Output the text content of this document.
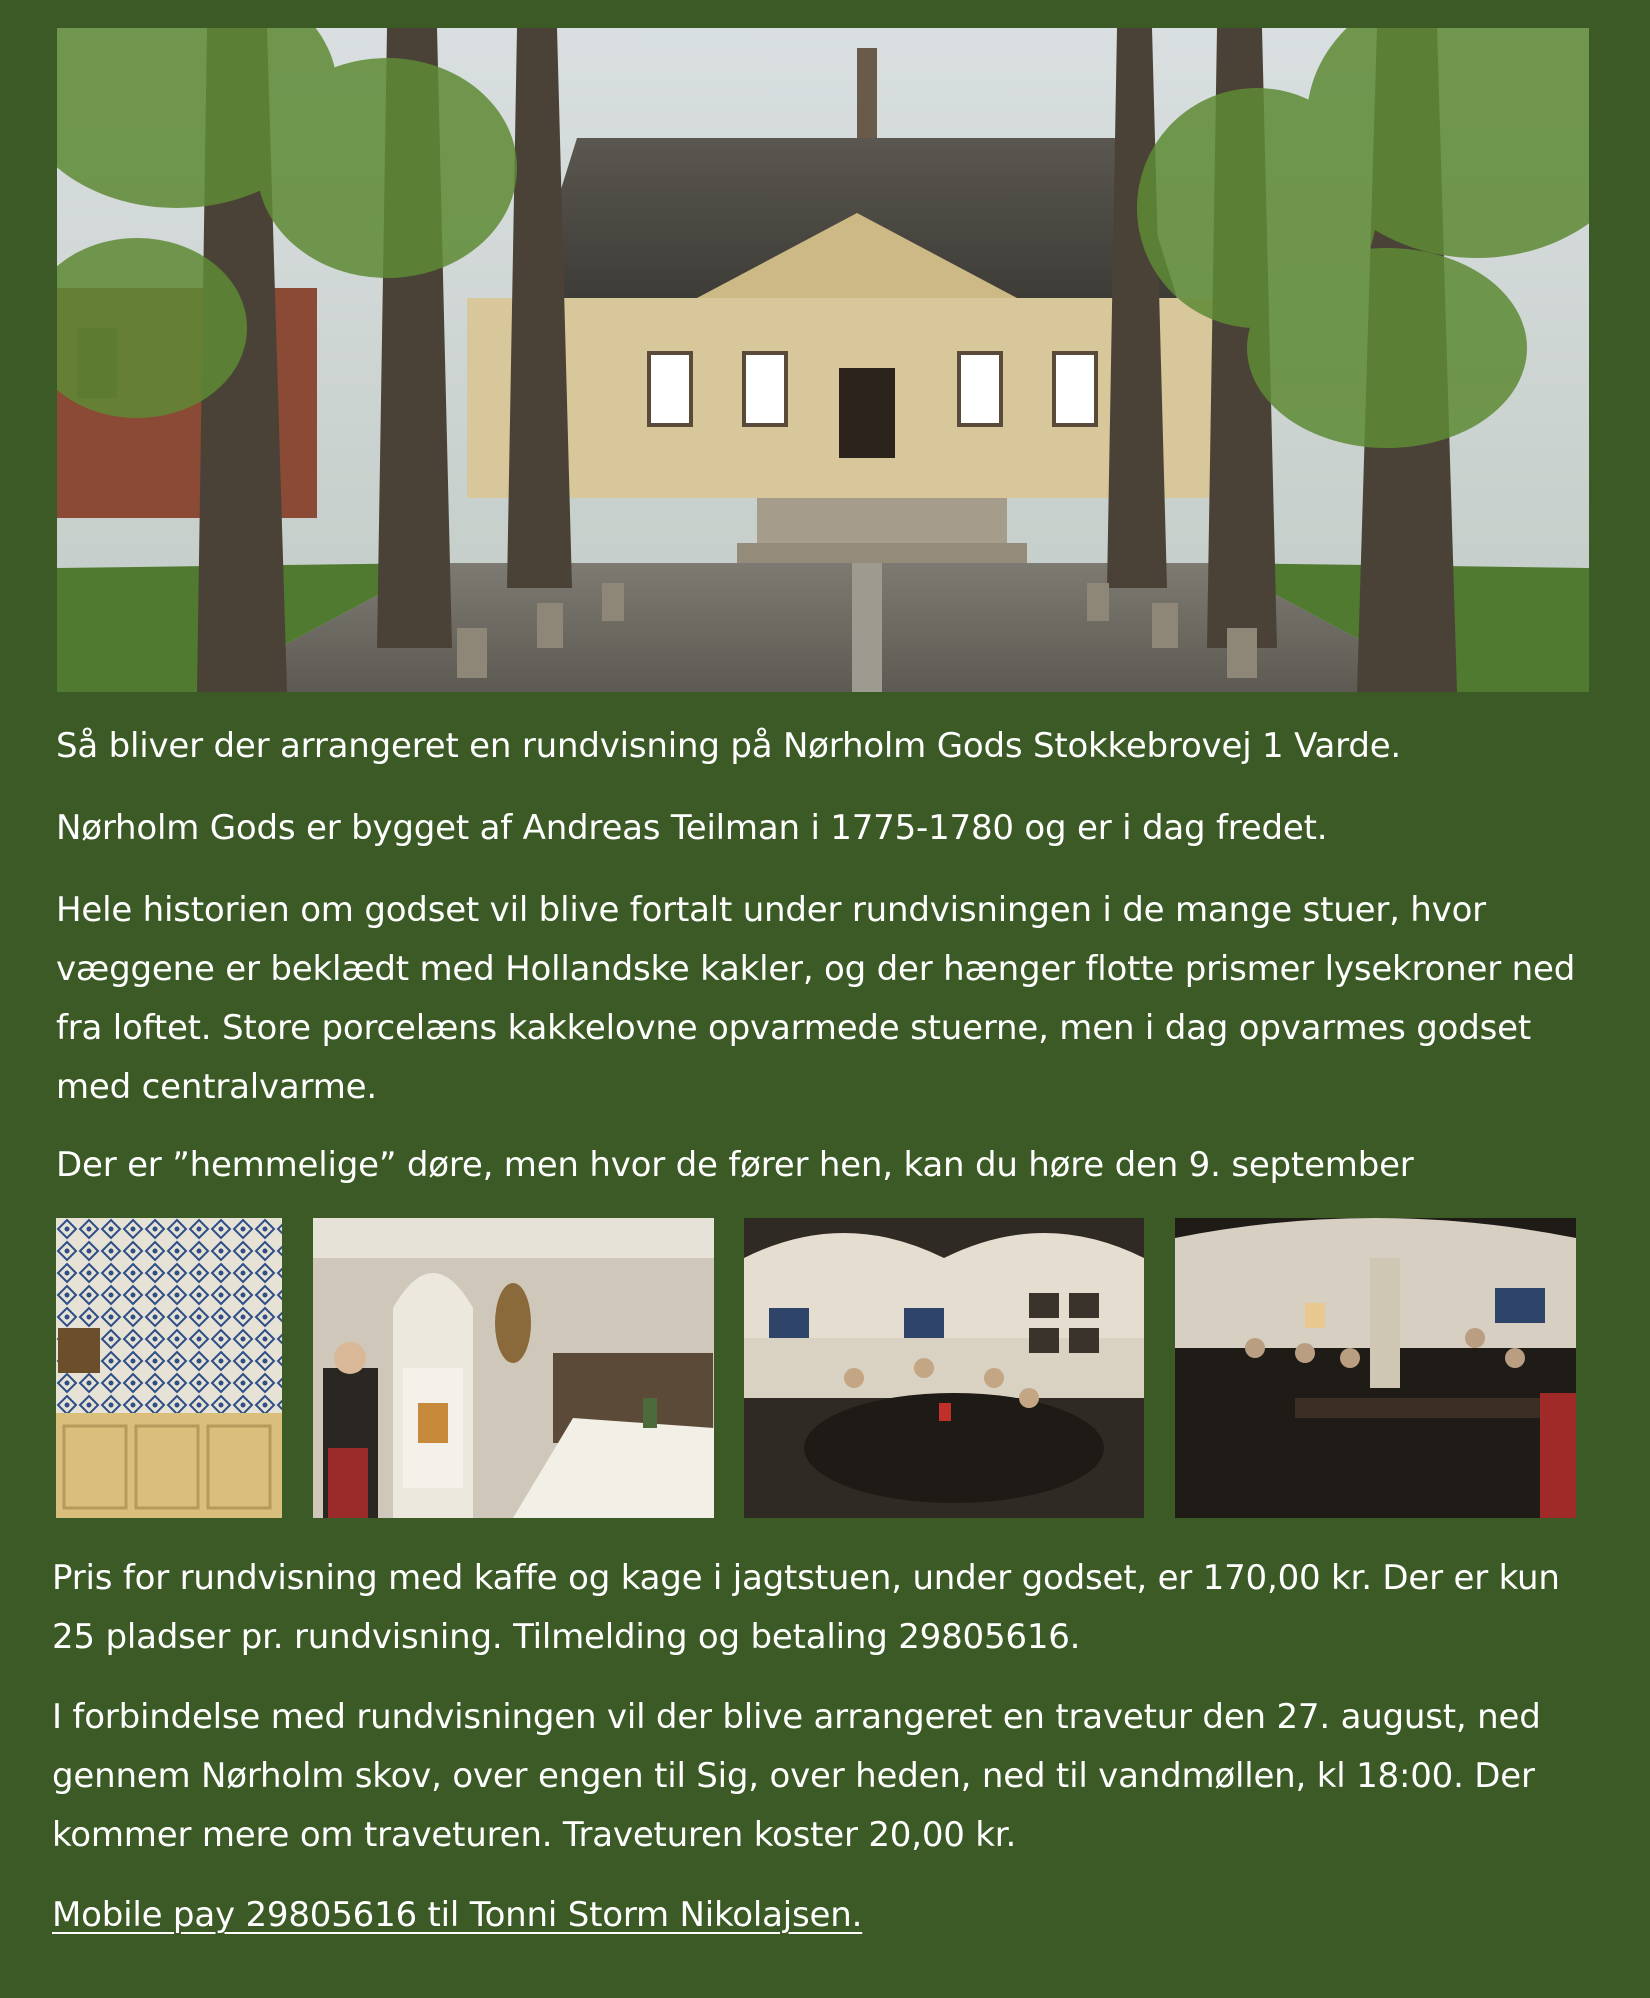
Så bliver der arrangeret en rundvisning på Nørholm Gods Stokkebrovej 1 Varde.

Nørholm Gods er bygget af Andreas Teilman i 1775-1780 og er i dag fredet.

Hele historien om godset vil blive fortalt under rundvisningen i de mange stuer, hvor væggene er beklædt med Hollandske kakler, og der hænger flotte prismer lysekroner ned fra loftet. Store porcelæns kakkelovne opvarmede stuerne, men i dag opvarmes godset med centralvarme.

Der er ”hemmelige” døre, men hvor de fører hen, kan du høre den 9. september

Pris for rundvisning med kaffe og kage i jagtstuen, under godset, er 170,00 kr. Der er kun 25 pladser pr. rundvisning. Tilmelding og betaling 29805616.

I forbindelse med rundvisningen vil der blive arrangeret en travetur den 27. august, ned gennem Nørholm skov, over engen til Sig, over heden, ned til vandmøllen, kl 18:00. Der kommer mere om traveturen. Traveturen koster 20,00 kr.

Mobile pay 29805616 til Tonni Storm Nikolajsen.
